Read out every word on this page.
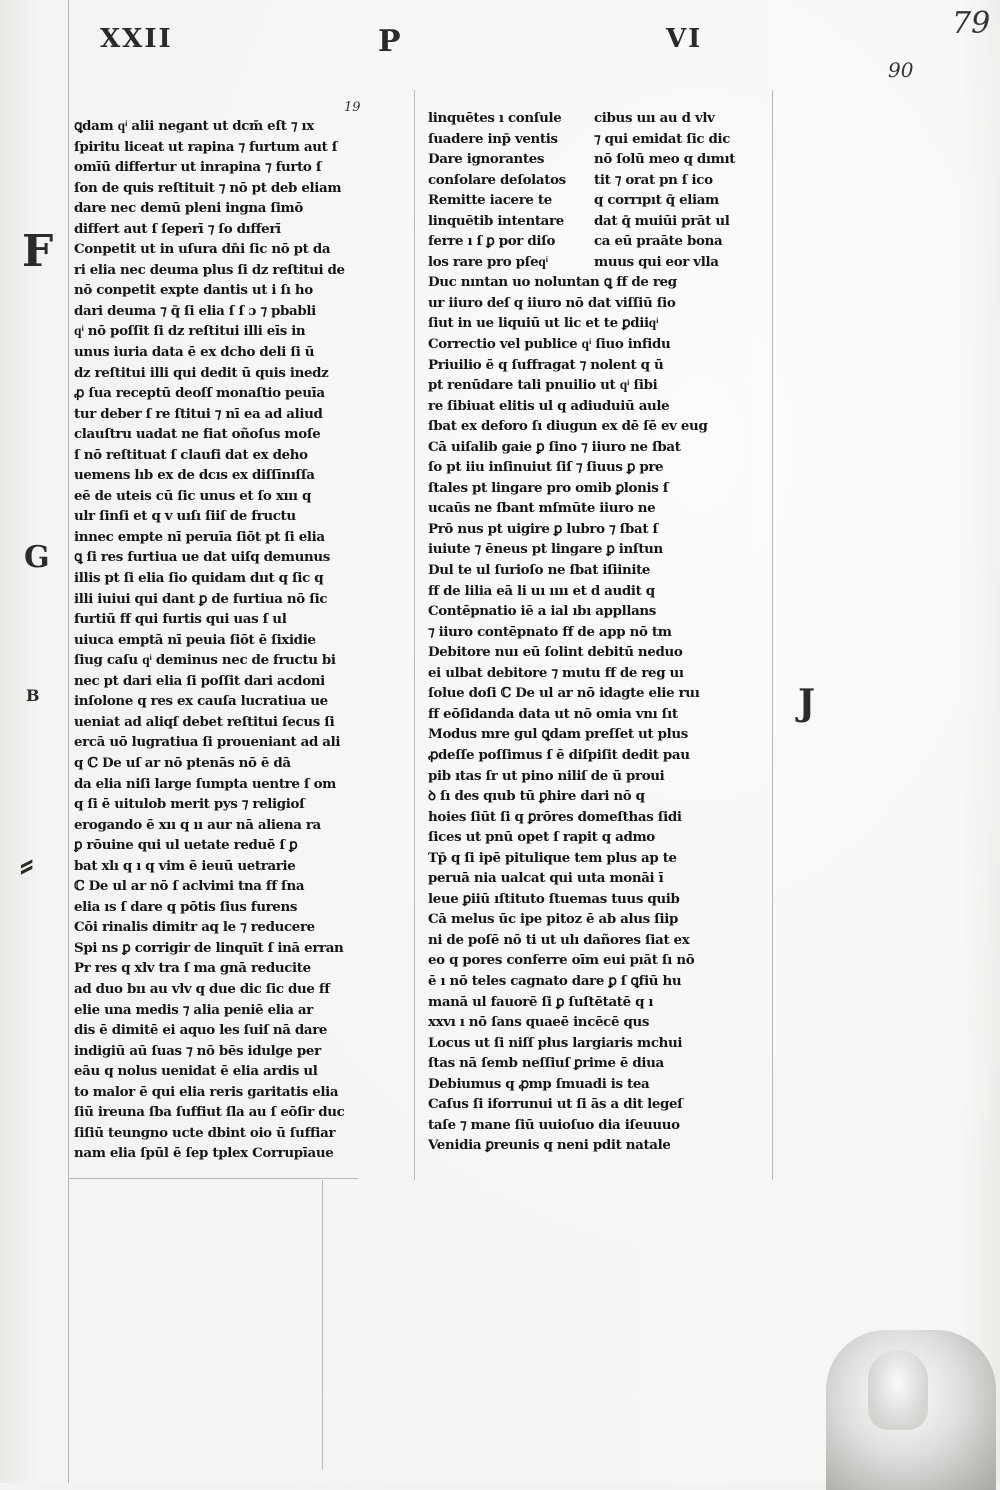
XXII	P	VI	79
90
19
F
G
B
⸗
J
ꝗdam qͥ alii negant ut dcm̄ eſt ⁊ ıx
ſpiritu liceat ut rapina ⁊ furtum aut ſ
omīū differtur ut inrapina ⁊ furto ſ
ſon de quis reſtituit ⁊ nō pt deb eliam
dare nec demū pleni ingna ſimō
differt aut ſ ſeperī ⁊ ſo dıfferī
Conpetit ut in uſura dn̄i ſic nō pt da
ri elia nec deuma plus ſi dz reſtitui de
nō conpetit expte dantis ut i ſı ho
dari deuma ⁊ q̄ ſi elia ſ ſ ɔ ⁊ pbabli
qͥ nō poſſit ſi dz reſtitui illi eīs in
unus iuria data ē ex dcho deli ſi ū
dz reſtitui illi qui dedit ū quis inedz
ꝓ ſua receptū deoſſ monaſtio peuīa
tur deber ſ re ſtitui ⁊ nī ea ad aliud
clauſtru uadat ne fiat oñoſus moſe
ſ nō reſtituat ſ claufi dat ex deho
uemens lıb ex de dcıs ex diſſīnıſſa
eē de uteis cū ſic unus et ſo xııı q
ulr ſinſi et q v uıſı ſiiſ de fructu
innec empte nī peruīa ſiōt pt ſi elia
ꝗ ſi res furtiua ue dat uiſq demunus
illis pt ſi elia ſio quidam dııt q ſic q
illi iuiui qui dant ꝑ de furtiua nō ſic
furtiū ff qui furtis qui uas ſ ul
uiuca emptā nī peuia ſiōt ē ſixidie
ſiug caſu qͥ deminus nec de fructu bi
nec pt dari elia ſi poſſit dari acdoni
inſolone q res ex cauſa lucratiua ue
ueniat ad aliqſ debet reſtitui ſecus ſi
ercā uō lugratiua ſi proueniant ad ali
q ℂ De uſ ar nō ptenās nō ē dā
da elia niſi large ſumpta uentre ſ om
q ſi ē uitulob merit pys ⁊ religioſ
erogando ē xıı q ıı aur nā aliena ra
ꝑ rōuine qui ul uetate reduē ſ ꝑ
bat xlı q ı q vim ē ieuū uetrarie
ℂ De ul ar nō ſ aclvimi tna ff ſna
elia ıs ſ dare q pōtis ſius furens
Cōi rinalis dimitr aq le ⁊ reducere
Spi ns ꝑ corrigir de linquīt ſ inā erran
Pr res q xlv tra ſ ma gnā reducite
ad duo bıı au vlv q due dic ſic due ff
elie una medis ⁊ alia peniē elia ar
dis ē dimitē ei aquo les ſuiſ nā dare
indigiū aū ſuas ⁊ nō bēs idulge per
eāu q nolus uenidat ē elia ardis ul
to malor ē qui elia reris garitatis elia
ſiū ireuna ſba ſuffiut ſla au ſ eōſir duc
ſiſiū teungno ucte dbint oio ū ſuffiar
nam elia ſpūl ē ſep tplex Corrupīaue
linquētes ı conſule
ſuadere inp̄ ventis
Dare ignorantes
conſolare deſolatos
Remitte iacere te
linquētib intentare
ferre ı ſ ꝑ por diſo
los rare pro pſeqͥ
Duc nıntan uo noluntan ꝗ ff de reg
ur iiuro deſ q iiuro nō dat viſſiū ſio
ſiut in ue liquiū ut lic et te ꝑdiiqͥ
Correctio vel publice qͥ ſiuo infidu
Priuilio ē q ſuffragat ⁊ nolent q ū
pt renūdare tali pnuilio ut qͥ ſibi
re ſibiuat elitis ul q adiuduiū aule
ſbat ex deforo ſı diugun ex dē ſē ev eug
Cā uiſalib gaie ꝑ ſino ⁊ iiuro ne ſbat
ſo pt iiu inſinuiut ſiſ ⁊ ſiuus ꝑ pre
ſtales pt lingare pro omib ꝑlonis ſ
ucaūs ne ſbant mſmūte iiuro ne
Prō nus pt uigire ꝑ lubro ⁊ ſbat ſ
iuiute ⁊ ēneus pt lingare ꝑ inſtun
Dul te ul ſurioſo ne ſbat iſiinite
ff de lilia eā li uı ıııı et d audit q
Contēpnatio iē a ial ıbı appllans
⁊ iiuro contēpnato ff de app nō tm
Debitore nuı eū ſolint debitū neduo
ei ulbat debitore ⁊ mutu ff de reg uı
ſolue doſi ℂ De ul ar nō idagte elie ruı
ff eōſidanda data ut nō omia vnı ſıt
Modus mre gul ꝗdam preſſet ut plus
ꝓdeſſe poſſimus ſ ē diſpiſit dedit pau
pib ıtas ſr ut pino niliſ de ū proui
ꝺ ſı des qıub tū ꝑhire dari nō q
hoies ſiūt ſi q ꝑrōres domeſthas ſidi
ſices ut pnū opet ſ rapit q admo
Tp̄ q ſi ipē pitulique tem plus ap te
peruā nia ualcat qui uıta monāi ī
leue ꝑiiū ıſtituto ſtuemas tuus quib
Cā melus ūc ipe pitoz ē ab alus ſiip
ni de poſē nō ti ut ulı dañores ſiat ex
eo q pores conferre oīm eui pıāt ſı nō
ē ı nō teles cagnato dare ꝑ ſ ꝗfiū hu
manā ul fauorē ſi ꝑ ſuſtētatē q ı
xxvı ı nō ſans quaeē incēcē qus
Locus ut ſi niſſ plus largiaris mchui
ſtas nā ſemb neſſiuſ ꝑrime ē diua
Debiumus q ꝓmp ſmuadi is tea
Caſus ſi iforrunui ut ſi ās a dit legeſ
taſe ⁊ mane ſiū uuioſuo dia iſeuuuo
Venidia ꝑreunis q neni pdit natale
cibus uıı au d vlv
⁊ qui emidat ſic dic
nō ſolū meo q dımıt
tit ⁊ orat pn ſ ico
q corrıpıt q̄ eliam
dat q̄ muiūi prāt ul
ca eū praāte bona
muus qui eor vlla
